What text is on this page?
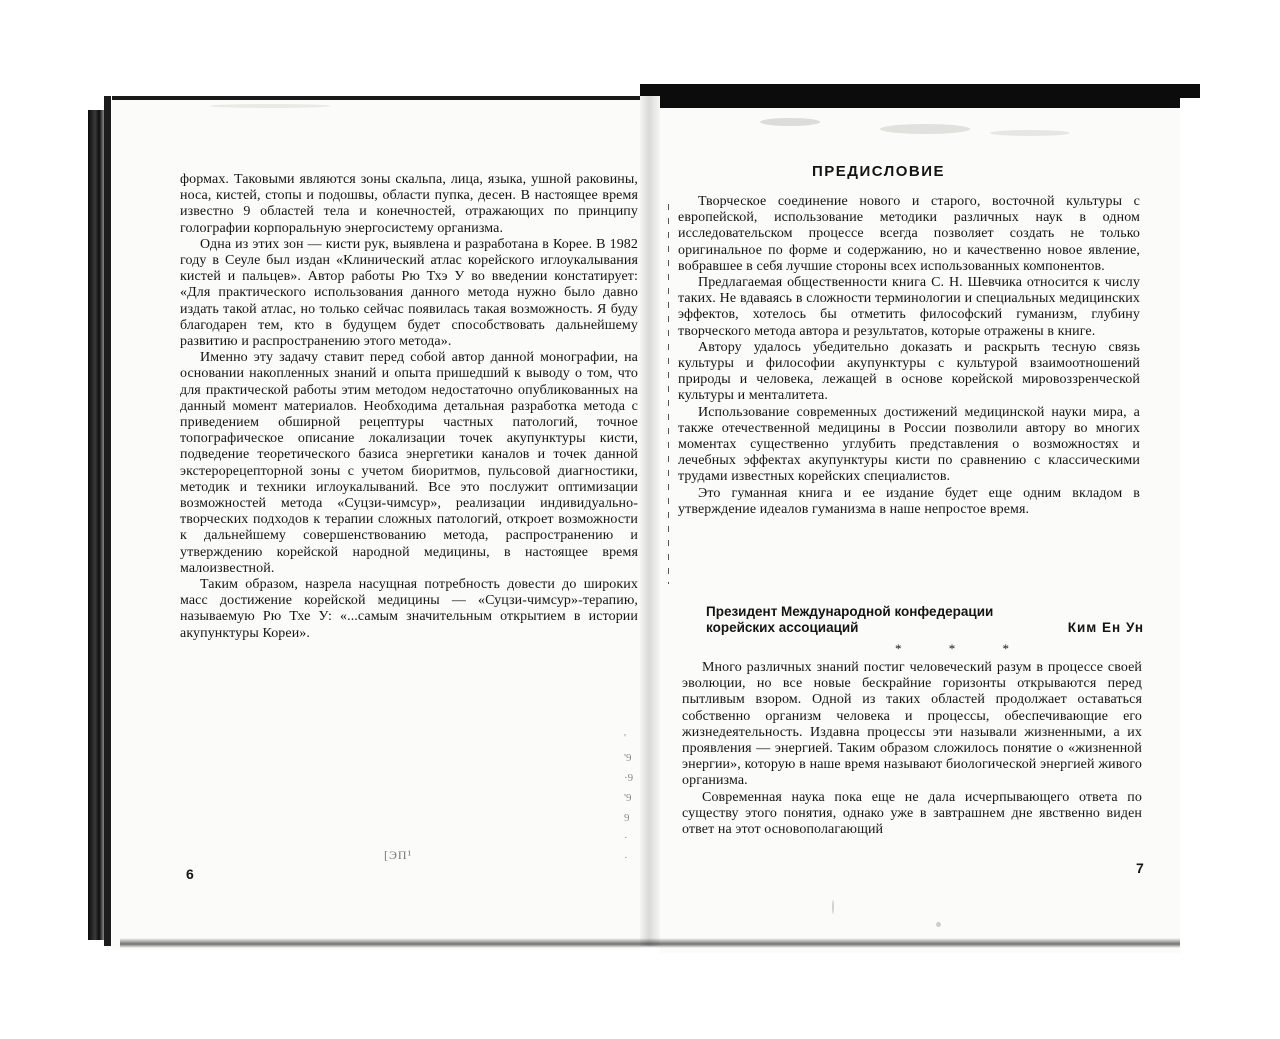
формах. Таковыми являются зоны скальпа, лица, языка, ушной раковины, носа, кистей, стопы и подошвы, области пупка, десен. В настоящее время известно 9 областей тела и конечностей, отражающих по принципу голографии корпоральную энергосистему организма.

Одна из этих зон — кисти рук, выявлена и разработана в Корее. В 1982 году в Сеуле был издан «Клинический атлас корейского иглоукалывания кистей и пальцев». Автор работы Рю Тхэ У во введении констатирует: «Для практического использования данного метода нужно было давно издать такой атлас, но только сейчас появилась такая возможность. Я буду благодарен тем, кто в будущем будет способствовать дальнейшему развитию и распространению этого метода».

Именно эту задачу ставит перед собой автор данной монографии, на основании накопленных знаний и опыта пришедший к выводу о том, что для практической работы этим методом недостаточно опубликованных на данный момент материалов. Необходима детальная разработка метода с приведением обширной рецептуры частных патологий, точное топографическое описание локализации точек акупунктуры кисти, подведение теоретического базиса энергетики каналов и точек данной экстерорецепторной зоны с учетом биоритмов, пульсовой диагностики, методик и техники иглоукалываний. Все это послужит оптимизации возможностей метода «Суцзи-чимсур», реализации индивидуально-творческих подходов к терапии сложных патологий, откроет возможности к дальнейшему совершенствованию метода, распространению и утверждению корейской народной медицины, в настоящее время малоизвестной.

Таким образом, назрела насущная потребность довести до широких масс достижение корейской медицины — «Суцзи-чимсур»-терапию, называемую Рю Тхе У: «...самым значительным открытием в истории акупунктуры Кореи».

'
'9
·9
'9
9
·
·
[ЭП¹
6
ПРЕДИСЛОВИЕ

Творческое соединение нового и старого, восточной культуры с европейской, использование методики различных наук в одном исследовательском процессе всегда позволяет создать не только оригинальное по форме и содержанию, но и качественно новое явление, вобравшее в себя лучшие стороны всех использованных компонентов.

Предлагаемая общественности книга С. Н. Шевчика относится к числу таких. Не вдаваясь в сложности терминологии и специальных медицинских эффектов, хотелось бы отметить философский гуманизм, глубину творческого метода автора и результатов, которые отражены в книге.

Автору удалось убедительно доказать и раскрыть тесную связь культуры и философии акупунктуры с культурой взаимоотношений природы и человека, лежащей в основе корейской мировоззренческой культуры и менталитета.

Использование современных достижений медицинской науки мира, а также отечественной медицины в России позволили автору во многих моментах существенно углубить представления о возможностях и лечебных эффектах акупунктуры кисти по сравнению с классическими трудами известных корейских специалистов.

Это гуманная книга и ее издание будет еще одним вкладом в утверждение идеалов гуманизма в наше непростое время.

Президент Международной конфедерации корейских ассоциаций	Ким Ен Ун
* * *

Много различных знаний постиг человеческий разум в процессе своей эволюции, но все новые бескрайние горизонты открываются перед пытливым взором. Одной из таких областей продолжает оставаться собственно организм человека и процессы, обеспечивающие его жизнедеятельность. Издавна процессы эти называли жизненными, а их проявления — энергией. Таким образом сложилось понятие о «жизненной энергии», которую в наше время называют биологической энергией живого организма.

Современная наука пока еще не дала исчерпывающего ответа по существу этого понятия, однако уже в завтрашнем дне явственно виден ответ на этот основополагающий

7
